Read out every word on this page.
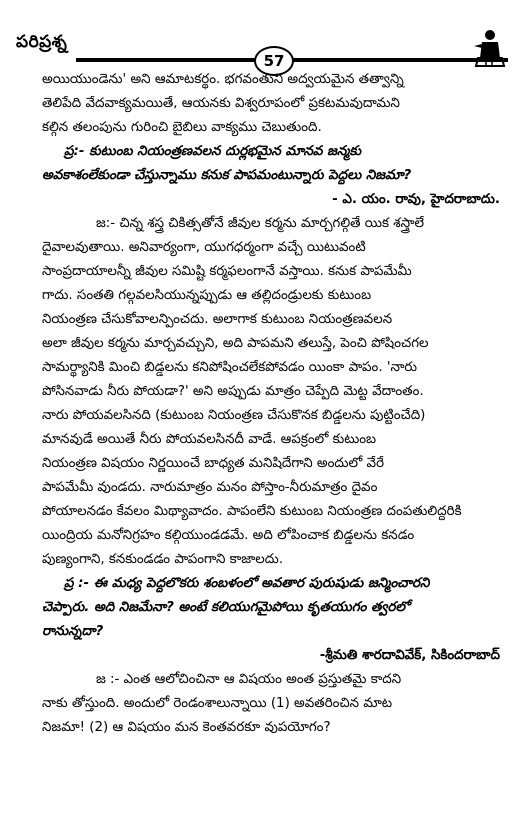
పరిప్రశ్న
57
అయియుండెను' అని ఆమాటకర్థం. భగవంతుని అద్వయమైన తత్వాన్ని
తెలిపేది వేదవాక్యమయితే, ఆయనకు విశ్వరూపంలో ప్రకటమవుదామని
కల్గిన తలంపును గురించి బైబిలు వాక్యము చెబుతుంది.
ప్ర:- కుటుంబ నియంత్రణవలన దుర్లభమైన మానవ జన్మకు
అవకాశంలేకుండా చేస్తున్నాము కనుక పాపమంటున్నారు పెద్దలు నిజమా?
- ఎ. యం. రావు, హైదరాబాదు.
జ:- చిన్న శస్త్ర చికిత్సతోనే జీవుల కర్మను మార్చగల్గితే యిక శస్త్రాలే
దైవాలవుతాయి. అనివార్యంగా, యుగధర్మంగా వచ్చే యిటువంటి
సాంప్రదాయాలన్నీ జీవుల సమిష్టి కర్మఫలంగానే వస్తాయి. కనుక పాపమేమీ
గాదు. సంతతి గల్గవలసియున్నప్పుడు ఆ తల్లిదండ్రులకు కుటుంబ
నియంత్రణ చేసుకోవాలన్పించదు. అలాగాక కుటుంబ నియంత్రణవలన
అలా జీవుల కర్మను మార్చవచ్చుని, అది పాపమని తలుస్తే, పెంచి పోషించగల
సామర్థ్యానికి మించి బిడ్డలను కనిపోషించలేకపోవడం యింకా పాపం. 'నారు
పోసినవాడు నీరు పోయడా?' అని అప్పుడు మాత్రం చెప్పేది మెట్ట వేదాంతం.
నారు పోయవలసినది (కుటుంబ నియంత్రణ చేసుకొనక బిడ్డలను పుట్టించేది)
మానవుడే అయితే నీరు పోయవలసినదీ వాడే. ఆపక్రంలో కుటుంబ
నియంత్రణ విషయం నిర్ణయించే బాధ్యత మనిషిదేగాని అందులో వేరే
పాపమేమీ వుండదు. నారుమాత్రం మనం పోస్తాం-నీరుమాత్రం దైవం
పోయాలనడం కేవలం మిథ్యావాదం. పాపంలేని కుటుంబ నియంత్రణ దంపతులిద్దరికి
యింద్రియ మనోనిగ్రహం కల్గియుండడమే. అది లోపించాక బిడ్డలను కనడం
పుణ్యంగాని, కనకుండడం పాపంగాని కాజాలదు.
ప్ర :- ఈ మధ్య పెద్దలొకరు శంబళంలో అవతార పురుషుడు జన్మించారని
చెప్పారు. అది నిజమేనా? అంటే కలియుగమైపోయి కృతయుగం త్వరలో
రానున్నదా?
-శ్రీమతి శారదావివేక్, సికిందరాబాద్
జ :- ఎంత ఆలోచించినా ఆ విషయం అంత ప్రస్తుతమై కాదని
నాకు తోస్తుంది. అందులో రెండంశాలున్నాయి (1) అవతరించిన మాట
నిజమా! (2) ఆ విషయం మన కెంతవరకూ వుపయోగం?
